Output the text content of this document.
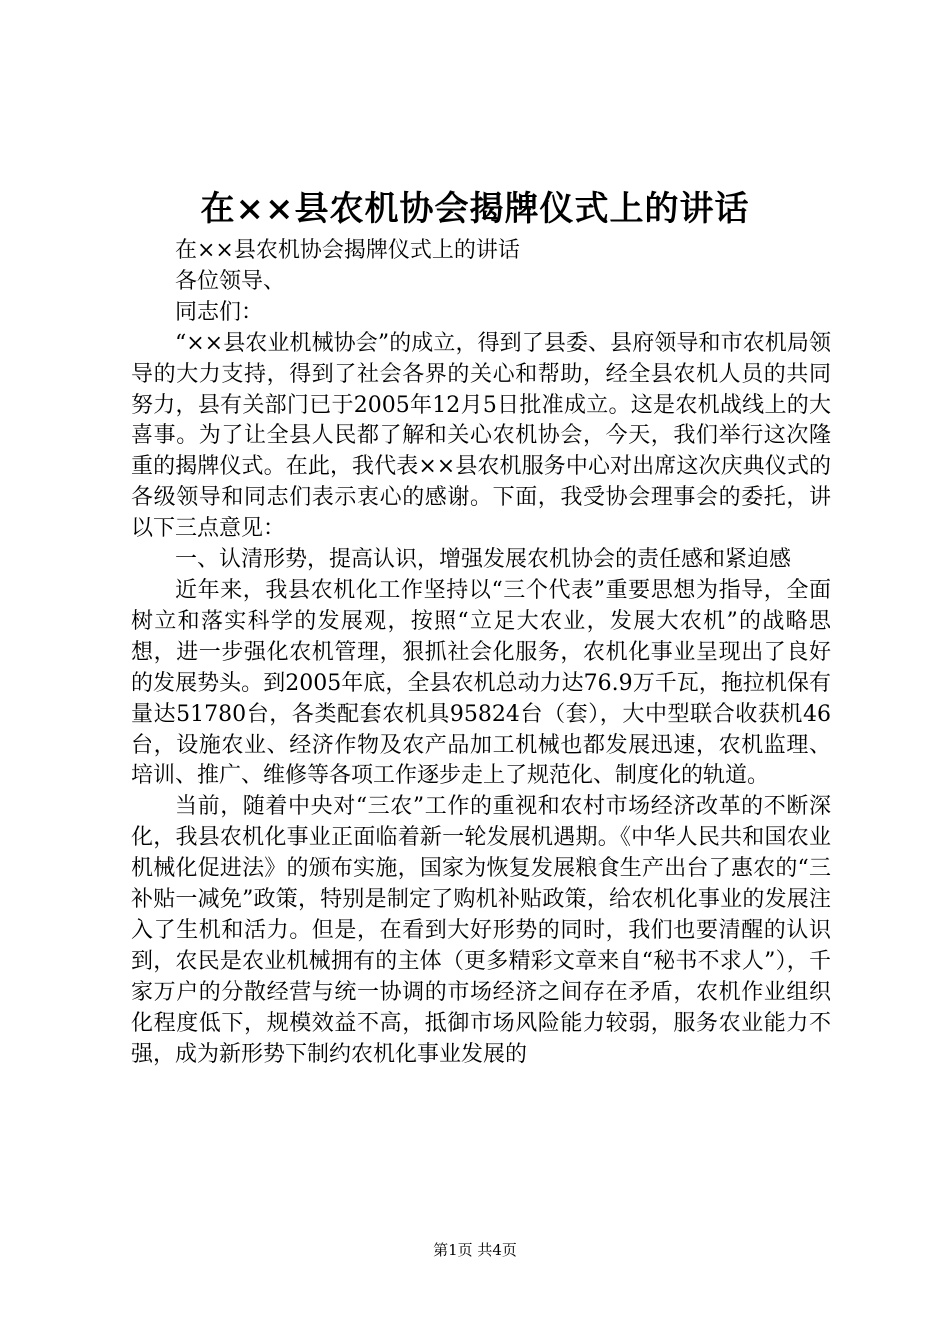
在××县农机协会揭牌仪式上的讲话

在××县农机协会揭牌仪式上的讲话

各位领导、

同志们：

“××县农业机械协会”的成立，得到了县委、县府领导和市农机局领导的大力支持，得到了社会各界的关心和帮助，经全县农机人员的共同努力，县有关部门已于2005年12月5日批准成立。这是农机战线上的大喜事。为了让全县人民都了解和关心农机协会，今天，我们举行这次隆重的揭牌仪式。在此，我代表××县农机服务中心对出席这次庆典仪式的各级领导和同志们表示衷心的感谢。下面，我受协会理事会的委托，讲以下三点意见：

一、认清形势，提高认识，增强发展农机协会的责任感和紧迫感

近年来，我县农机化工作坚持以“三个代表”重要思想为指导，全面树立和落实科学的发展观，按照“立足大农业，发展大农机”的战略思想，进一步强化农机管理，狠抓社会化服务，农机化事业呈现出了良好的发展势头。到2005年底，全县农机总动力达76.9万千瓦，拖拉机保有量达51780台，各类配套农机具95824台（套），大中型联合收获机46台，设施农业、经济作物及农产品加工机械也都发展迅速，农机监理、培训、推广、维修等各项工作逐步走上了规范化、制度化的轨道。

当前，随着中央对“三农”工作的重视和农村市场经济改革的不断深化，我县农机化事业正面临着新一轮发展机遇期。《中华人民共和国农业机械化促进法》的颁布实施，国家为恢复发展粮食生产出台了惠农的“三补贴一减免”政策，特别是制定了购机补贴政策，给农机化事业的发展注入了生机和活力。但是，在看到大好形势的同时，我们也要清醒的认识到，农民是农业机械拥有的主体（更多精彩文章来自“秘书不求人”），千家万户的分散经营与统一协调的市场经济之间存在矛盾，农机作业组织化程度低下，规模效益不高，抵御市场风险能力较弱，服务农业能力不强，成为新形势下制约农机化事业发展的

第1页 共4页
